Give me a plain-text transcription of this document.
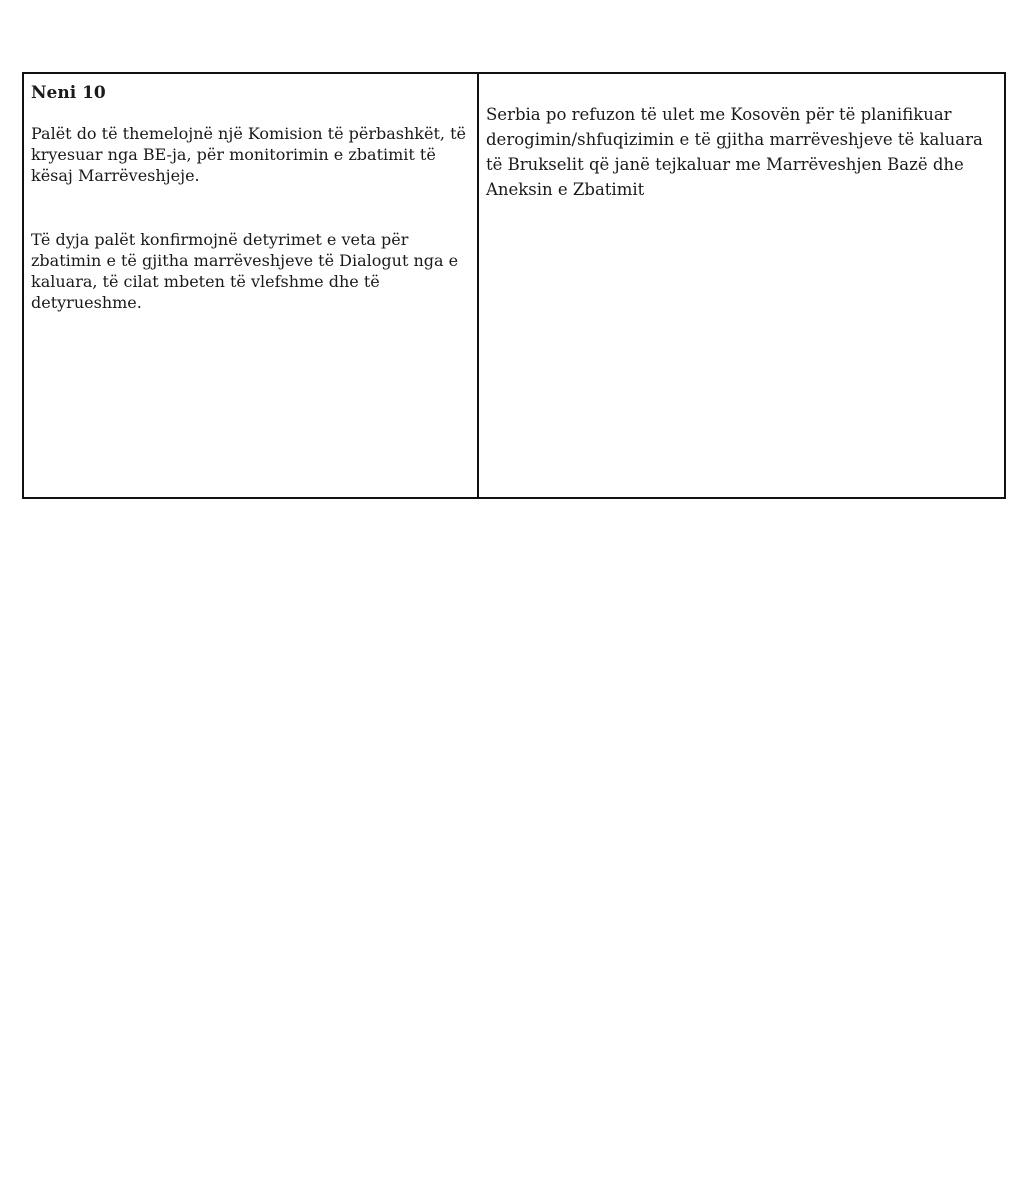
Neni 10

Palët do të themelojnë një Komision të përbashkët, të kryesuar nga BE-ja, për monitorimin e zbatimit të kësaj Marrëveshjeje.

Të dyja palët konfirmojnë detyrimet e veta për zbatimin e të gjitha marrëveshjeve të Dialogut nga e kaluara, të cilat mbeten të vlefshme dhe të detyrueshme.

Serbia po refuzon të ulet me Kosovën për të planifikuar derogimin/shfuqizimin e të gjitha marrëveshjeve të kaluara të Brukselit që janë tejkaluar me Marrëveshjen Bazë dhe Aneksin e Zbatimit
